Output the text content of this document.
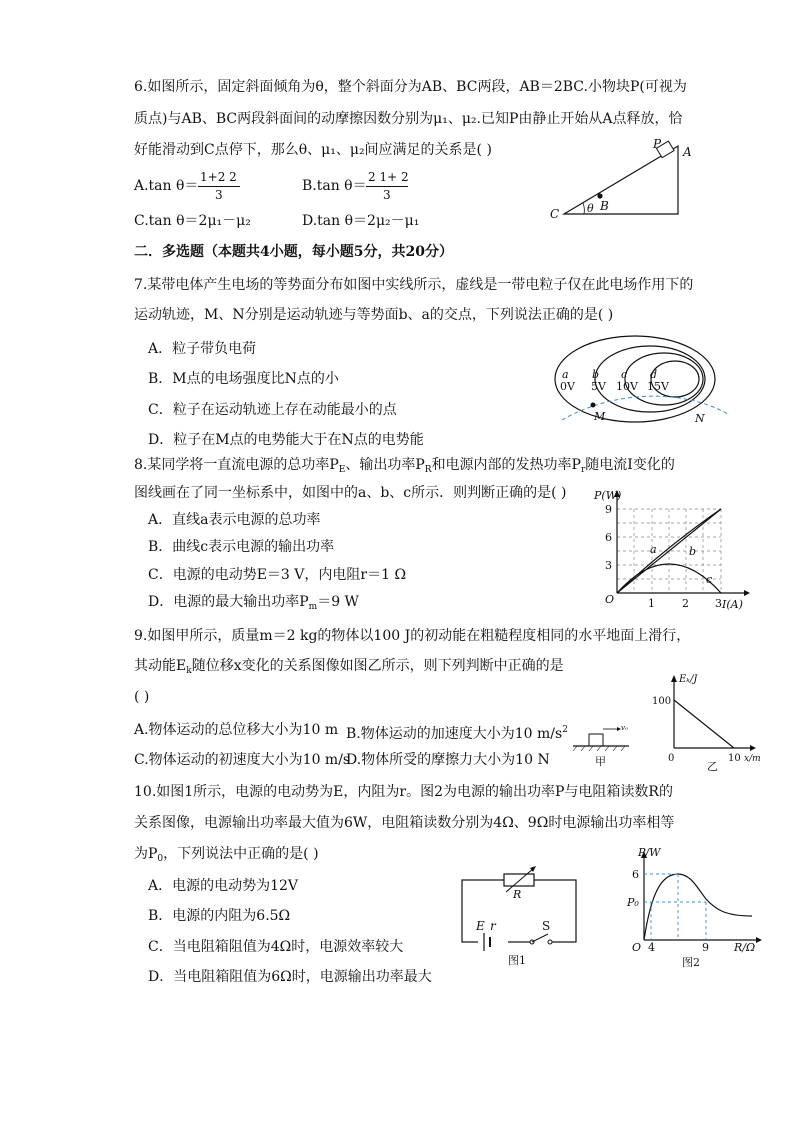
6.如图所示，固定斜面倾角为θ，整个斜面分为AB、BC两段，AB＝2BC.小物块P(可视为
质点)与AB、BC两段斜面间的动摩擦因数分别为μ₁、μ₂.已知P由静止开始从A点释放，恰
好能滑动到C点停下，那么θ、μ₁、μ₂间应满足的关系是( )
A.tan θ＝
1+2 2
3
B.tan θ＝
2 1+ 2
3
C.tan θ＝2μ₁－μ₂	D.tan θ＝2μ₂－μ₁
P
A
B
C	θ
二．多选题（本题共4小题，每小题5分，共20分）
7.某带电体产生电场的等势面分布如图中实线所示，虚线是一带电粒子仅在此电场作用下的
运动轨迹，M、N分别是运动轨迹与等势面b、a的交点，下列说法正确的是( )
A．粒子带负电荷
B．M点的电场强度比N点的小
C．粒子在运动轨迹上存在动能最小的点
D．粒子在M点的电势能大于在N点的电势能
a
0V
b
5V
c
10V
d
15V
M	N
8.某同学将一直流电源的总功率$P_E$、输出功率$P_R$和电源内部的发热功率$P_r$随电流I变化的
图线画在了同一坐标系中，如图中的a、b、c所示．则判断正确的是( )
A．直线a表示电源的总功率
B．曲线c表示电源的输出功率
C．电源的电动势E＝3 V，内电阻r＝1 Ω
D．电源的最大输出功率$P_m=9$ W
P(W)
I(A)
O
9
6
3
1 2 3
a	b
c
9.如图甲所示，质量m＝2 kg的物体以100 J的初动能在粗糙程度相同的水平地面上滑行，
其动能$E_k$随位移x变化的关系图像如图乙所示，则下列判断中正确的是
( )
A.物体运动的总位移大小为10 m B.物体运动的加速度大小为10 $m/s^2$
C.物体运动的初速度大小为10 m/s
D.物体所受的摩擦力大小为10 N
v₀
甲
Eₖ/J
100
0	10 x/m
乙
10.如图1所示，电源的电动势为E，内阻为r。图2为电源的输出功率P与电阻箱读数R的
关系图像，电源输出功率最大值为6W，电阻箱读数分别为4Ω、9Ω时电源输出功率相等
为$P_0$，下列说法中正确的是( )
A．电源的电动势为12V
B．电源的内阻为6.5Ω
C．当电阻箱阻值为4Ω时，电源效率较大
D．当电阻箱阻值为6Ω时，电源输出功率最大
R
E r	S
图1
P/W
6
P₀
O 4	9 R/Ω
图2
